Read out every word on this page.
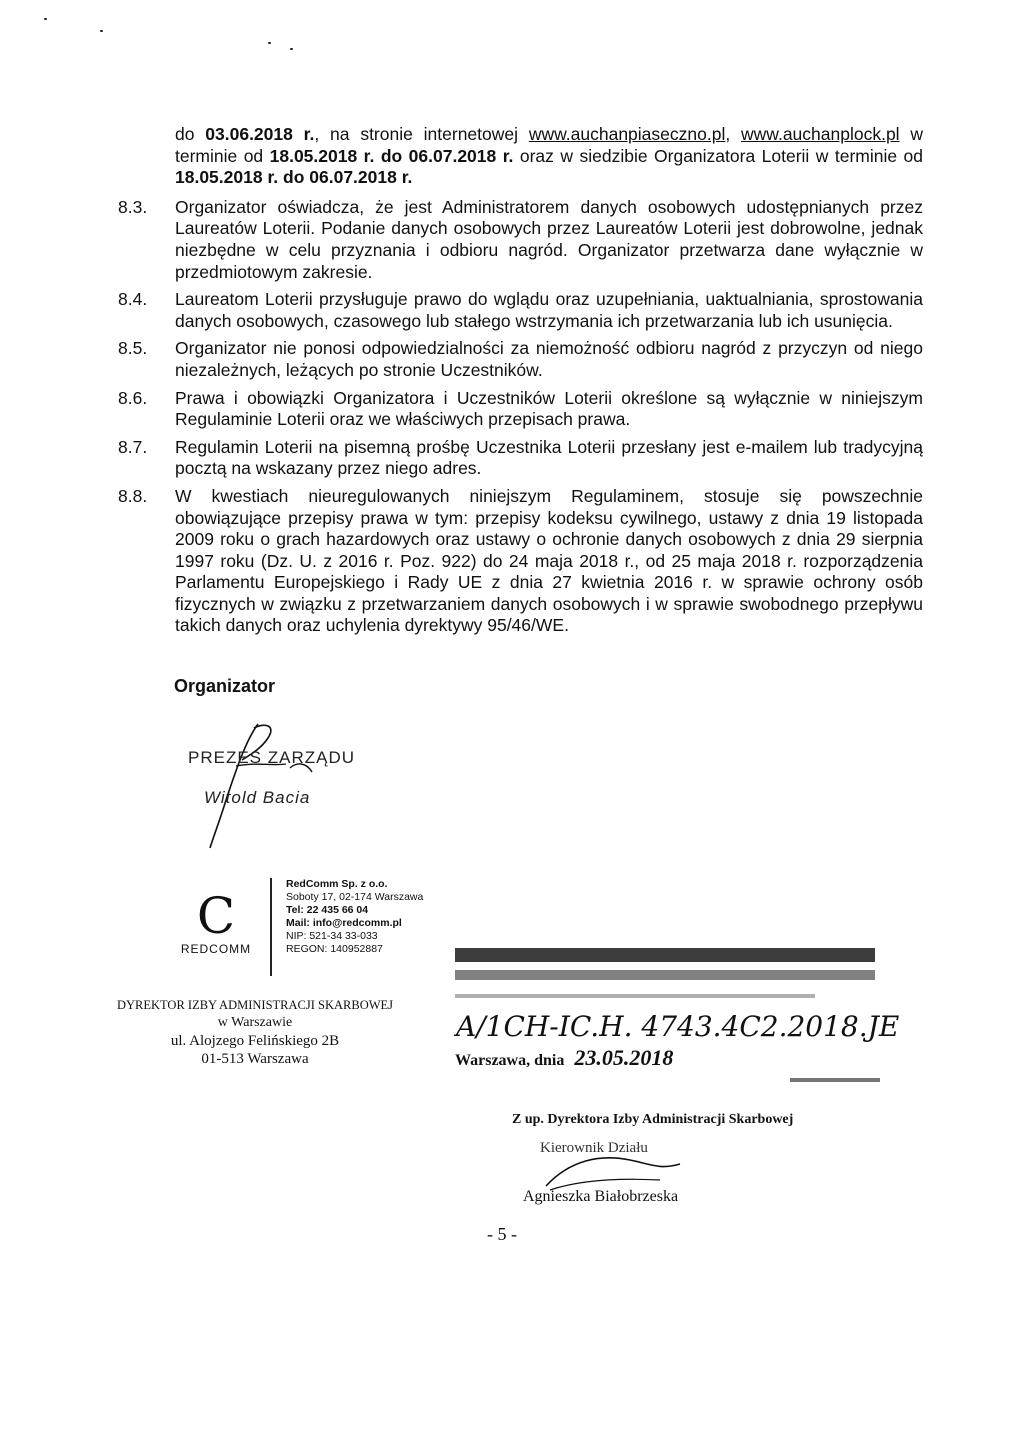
do 03.06.2018 r., na stronie internetowej www.auchanpiaseczno.pl, www.auchanplock.pl w terminie od 18.05.2018 r. do 06.07.2018 r. oraz w siedzibie Organizatora Loterii w terminie od 18.05.2018 r. do 06.07.2018 r.

8.3.	Organizator oświadcza, że jest Administratorem danych osobowych udostępnianych przez Laureatów Loterii. Podanie danych osobowych przez Laureatów Loterii jest dobrowolne, jednak niezbędne w celu przyznania i odbioru nagród. Organizator przetwarza dane wyłącznie w przedmiotowym zakresie.
8.4.	Laureatom Loterii przysługuje prawo do wglądu oraz uzupełniania, uaktualniania, sprostowania danych osobowych, czasowego lub stałego wstrzymania ich przetwarzania lub ich usunięcia.
8.5.	Organizator nie ponosi odpowiedzialności za niemożność odbioru nagród z przyczyn od niego niezależnych, leżących po stronie Uczestników.
8.6.	Prawa i obowiązki Organizatora i Uczestników Loterii określone są wyłącznie w niniejszym Regulaminie Loterii oraz we właściwych przepisach prawa.
8.7.	Regulamin Loterii na pisemną prośbę Uczestnika Loterii przesłany jest e-mailem lub tradycyjną pocztą na wskazany przez niego adres.
8.8.	W kwestiach nieuregulowanych niniejszym Regulaminem, stosuje się powszechnie obowiązujące przepisy prawa w tym: przepisy kodeksu cywilnego, ustawy z dnia 19 listopada 2009 roku o grach hazardowych oraz ustawy o ochronie danych osobowych z dnia 29 sierpnia 1997 roku (Dz. U. z 2016 r. Poz. 922) do 24 maja 2018 r., od 25 maja 2018 r. rozporządzenia Parlamentu Europejskiego i Rady UE z dnia 27 kwietnia 2016 r. w sprawie ochrony osób fizycznych w związku z przetwarzaniem danych osobowych i w sprawie swobodnego przepływu takich danych oraz uchylenia dyrektywy 95/46/WE.
Organizator
PREZES ZARZĄDU
Witold Bacia
C
REDCOMM
RedComm Sp. z o.o.
Soboty 17, 02-174 Warszawa
Tel: 22 435 66 04
Mail: info@redcomm.pl
NIP: 521-34 33-033
REGON: 140952887
DYREKTOR IZBY ADMINISTRACJI SKARBOWEJ
w Warszawie
ul. Alojzego Felińskiego 2B
01-513 Warszawa
A/1CH-IC.H. 4743.4C2.2018.JE
Warszawa, dnia 23.05.2018
Z up. Dyrektora Izby Administracji Skarbowej
Kierownik Działu
Agnieszka Białobrzeska
- 5 -
